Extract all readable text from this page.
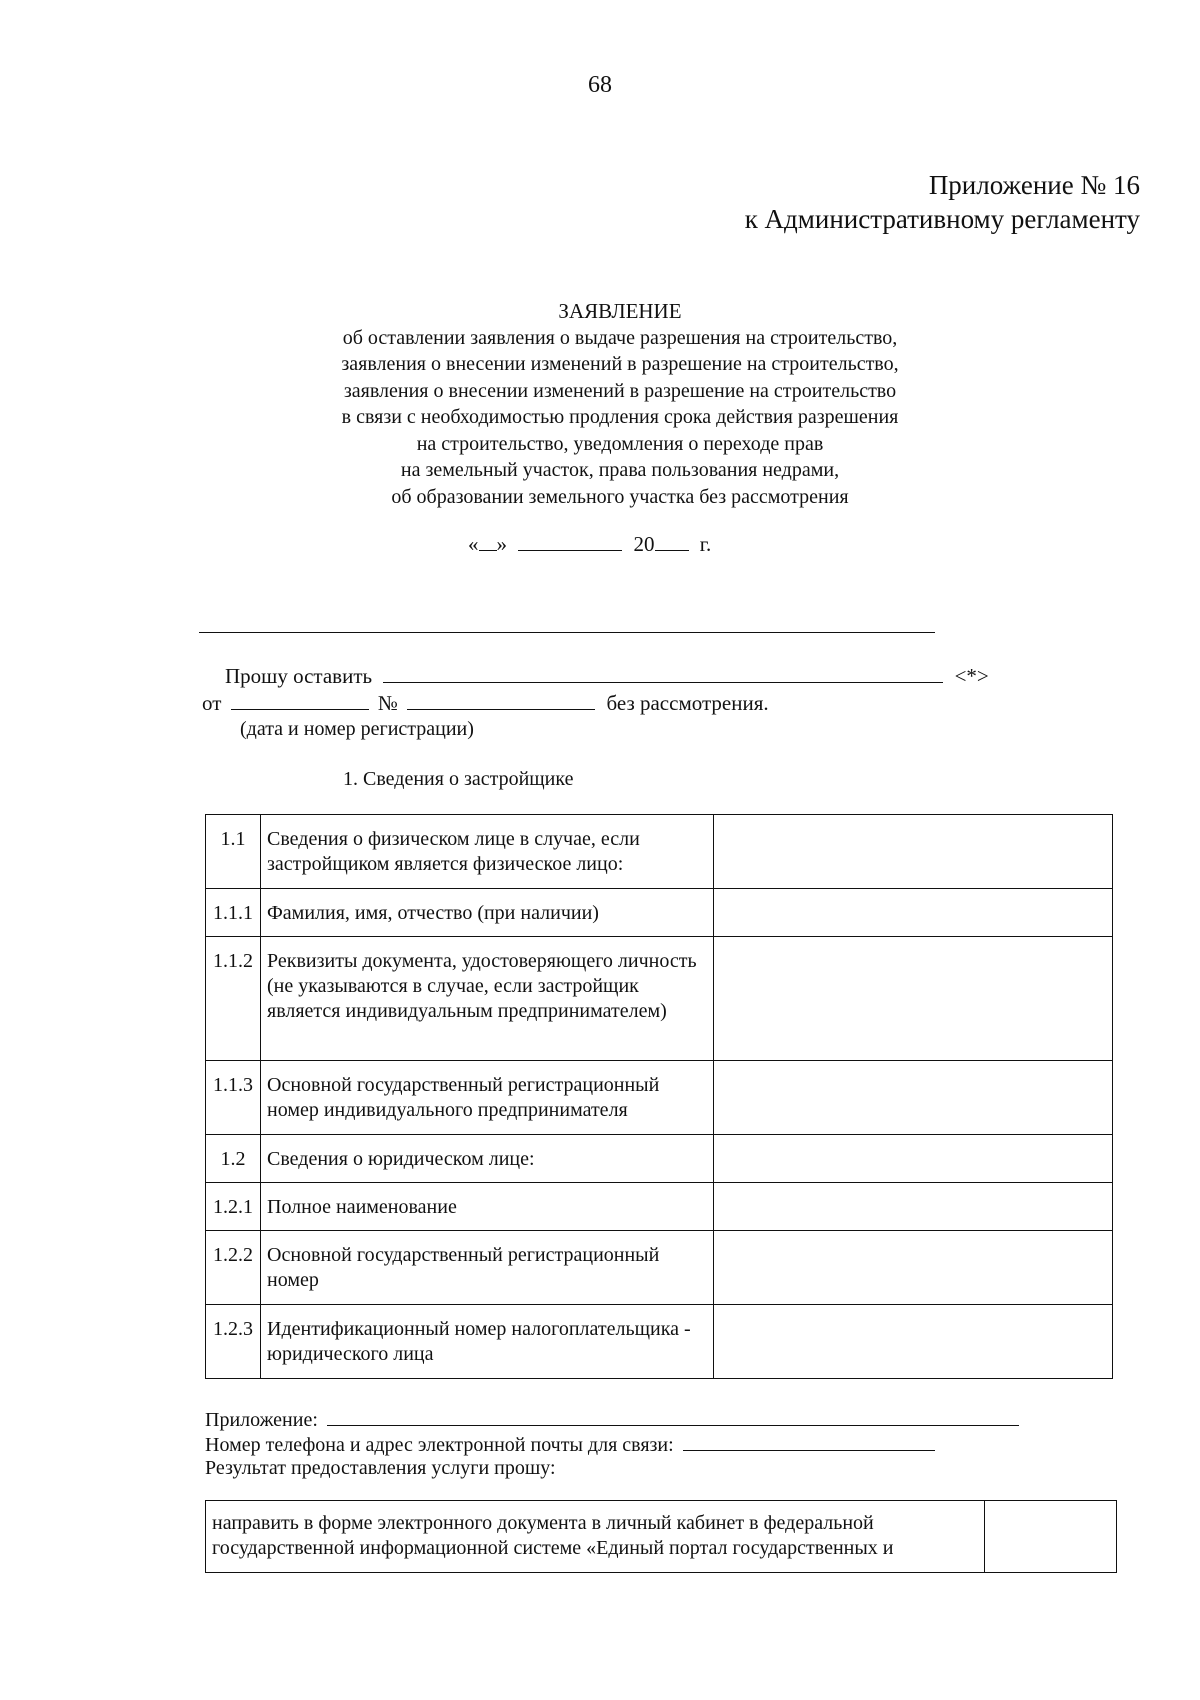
68
Приложение № 16
к Административному регламенту
ЗАЯВЛЕНИЕ
об оставлении заявления о выдаче разрешения на строительство,
заявления о внесении изменений в разрешение на строительство,
заявления о внесении изменений в разрешение на строительство
в связи с необходимостью продления срока действия разрешения
на строительство, уведомления о переходе прав
на земельный участок, права пользования недрами,
об образовании земельного участка без рассмотрения
« »	20 г.
Прошу оставить	<*>
от	№	без рассмотрения.
(дата и номер регистрации)
1. Сведения о застройщике
1.1	Сведения о физическом лице в случае, если застройщиком является физическое лицо:	
1.1.1	Фамилия, имя, отчество (при наличии)	
1.1.2	Реквизиты документа, удостоверяющего личность (не указываются в случае, если застройщик является индивидуальным предпринимателем)	
1.1.3	Основной государственный регистрационный номер индивидуального предпринимателя	
1.2	Сведения о юридическом лице:	
1.2.1	Полное наименование	
1.2.2	Основной государственный регистрационный номер	
1.2.3	Идентификационный номер налогоплательщика - юридического лица	
Приложение:
Номер телефона и адрес электронной почты для связи:
Результат предоставления услуги прошу:
направить в форме электронного документа в личный кабинет в федеральной государственной информационной системе «Единый портал государственных и	
